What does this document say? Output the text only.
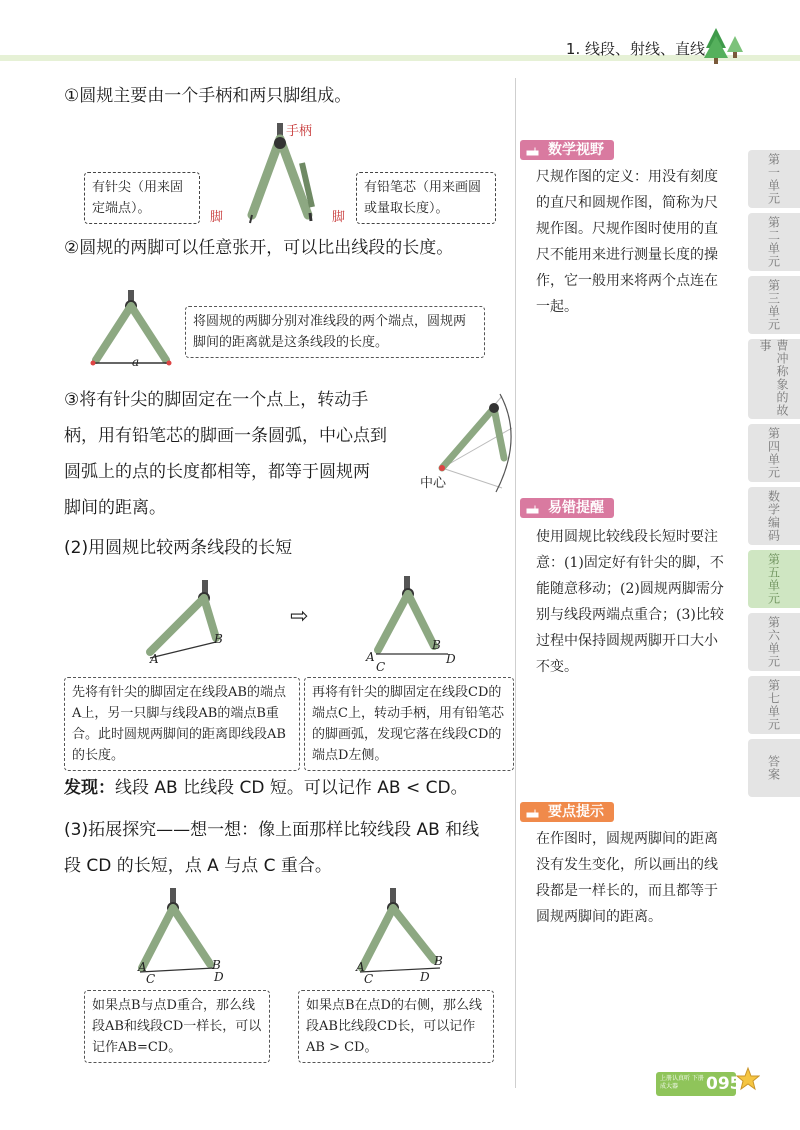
1. 线段、射线、直线
①圆规主要由一个手柄和两只脚组成。
手柄
脚	脚
有针尖（用来固定端点）。
有铅笔芯（用来画圆或量取长度）。
②圆规的两脚可以任意张开，可以比出线段的长度。
a
将圆规的两脚分别对准线段的两个端点，圆规两脚间的距离就是这条线段的长度。
③将有针尖的脚固定在一个点上，转动手
柄，用有铅笔芯的脚画一条圆弧，中心点到
圆弧上的点的长度都相等，都等于圆规两
脚间的距离。
中心
(2)用圆规比较两条线段的长短
A
B
⇨
A
C
B
D
先将有针尖的脚固定在线段AB的端点A上，另一只脚与线段AB的端点B重合。此时圆规两脚间的距离即线段AB的长度。
再将有针尖的脚固定在线段CD的端点C上，转动手柄，用有铅笔芯的脚画弧，发现它落在线段CD的端点D左侧。
发现：线段 AB 比线段 CD 短。可以记作 AB < CD。
(3)拓展探究——想一想：像上面那样比较线段 AB 和线
段 CD 的长短，点 A 与点 C 重合。
A
C
B
D
A
C
B
D
如果点B与点D重合，那么线段AB和线段CD一样长，可以记作AB=CD。
如果点B在点D的右侧，那么线段AB比线段CD长，可以记作AB > CD。
数学视野
尺规作图的定义：用没有刻度的直尺和圆规作图，简称为尺规作图。尺规作图时使用的直尺不能用来进行测量长度的操作，它一般用来将两个点连在一起。
易错提醒
使用圆规比较线段长短时要注意：(1)固定好有针尖的脚，不能随意移动；(2)圆规两脚需分别与线段两端点重合；(3)比较过程中保持圆规两脚开口大小不变。
要点提示
在作图时，圆规两脚间的距离没有发生变化，所以画出的线段都是一样长的，而且都等于圆规两脚间的距离。
第一单元
第二单元
第三单元
曹冲称象的故事
第四单元
数学编码
第五单元
第六单元
第七单元
答案
上册认真听 下册成大器	095
